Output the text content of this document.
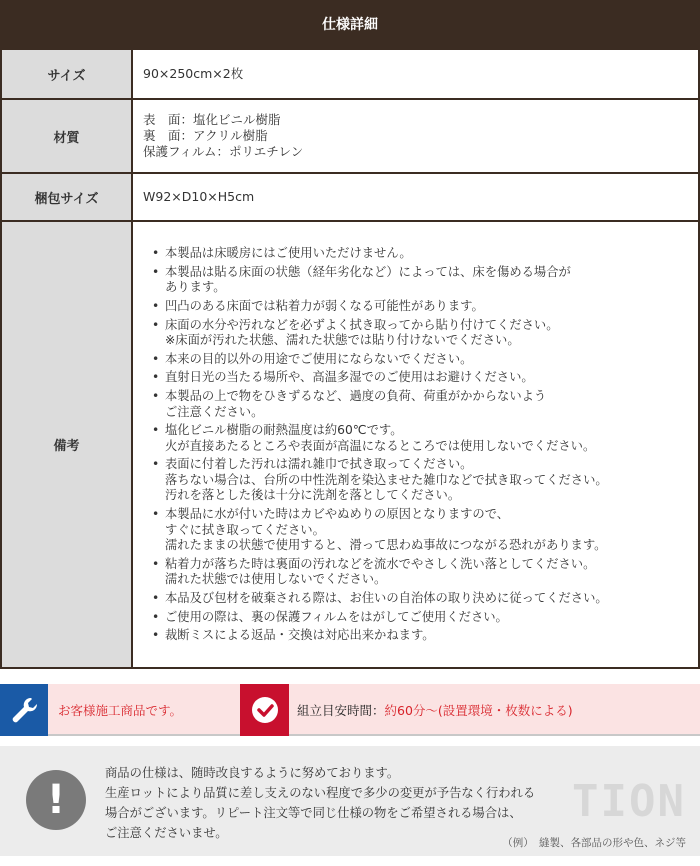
仕様詳細
サイズ	90×250cm×2枚
材質
表　面：塩化ビニル樹脂
裏　面：アクリル樹脂
保護フィルム：ポリエチレン
梱包サイズ	W92×D10×H5cm
備考
• 本製品は床暖房にはご使用いただけません。
• 本製品は貼る床面の状態（経年劣化など）によっては、床を傷める場合が
あります。
• 凹凸のある床面では粘着力が弱くなる可能性があります。
• 床面の水分や汚れなどを必ずよく拭き取ってから貼り付けてください。
※床面が汚れた状態、濡れた状態では貼り付けないでください。
• 本来の目的以外の用途でご使用にならないでください。
• 直射日光の当たる場所や、高温多湿でのご使用はお避けください。
• 本製品の上で物をひきずるなど、過度の負荷、荷重がかからないよう
ご注意ください。
• 塩化ビニル樹脂の耐熱温度は約60℃です。
火が直接あたるところや表面が高温になるところでは使用しないでください。
• 表面に付着した汚れは濡れ雑巾で拭き取ってください。
落ちない場合は、台所の中性洗剤を染込ませた雑巾などで拭き取ってください。
汚れを落とした後は十分に洗剤を落としてください。
• 本製品に水が付いた時はカビやぬめりの原因となりますので、
すぐに拭き取ってください。
濡れたままの状態で使用すると、滑って思わぬ事故につながる恐れがあります。
• 粘着力が落ちた時は裏面の汚れなどを流水でやさしく洗い落としてください。
濡れた状態では使用しないでください。
• 本品及び包材を破棄される際は、お住いの自治体の取り決めに従ってください。
• ご使用の際は、裏の保護フィルムをはがしてご使用ください。
• 裁断ミスによる返品・交換は対応出来かねます。
お客様施工商品です。	組立目安時間： 約60分～(設置環境・枚数による)
TION
!
商品の仕様は、随時改良するように努めております。
生産ロットにより品質に差し支えのない程度で多少の変更が予告なく行われる
場合がございます。リピート注文等で同じ仕様の物をご希望される場合は、
ご注意くださいませ。
（例）　縫製、各部品の形や色、ネジ等
